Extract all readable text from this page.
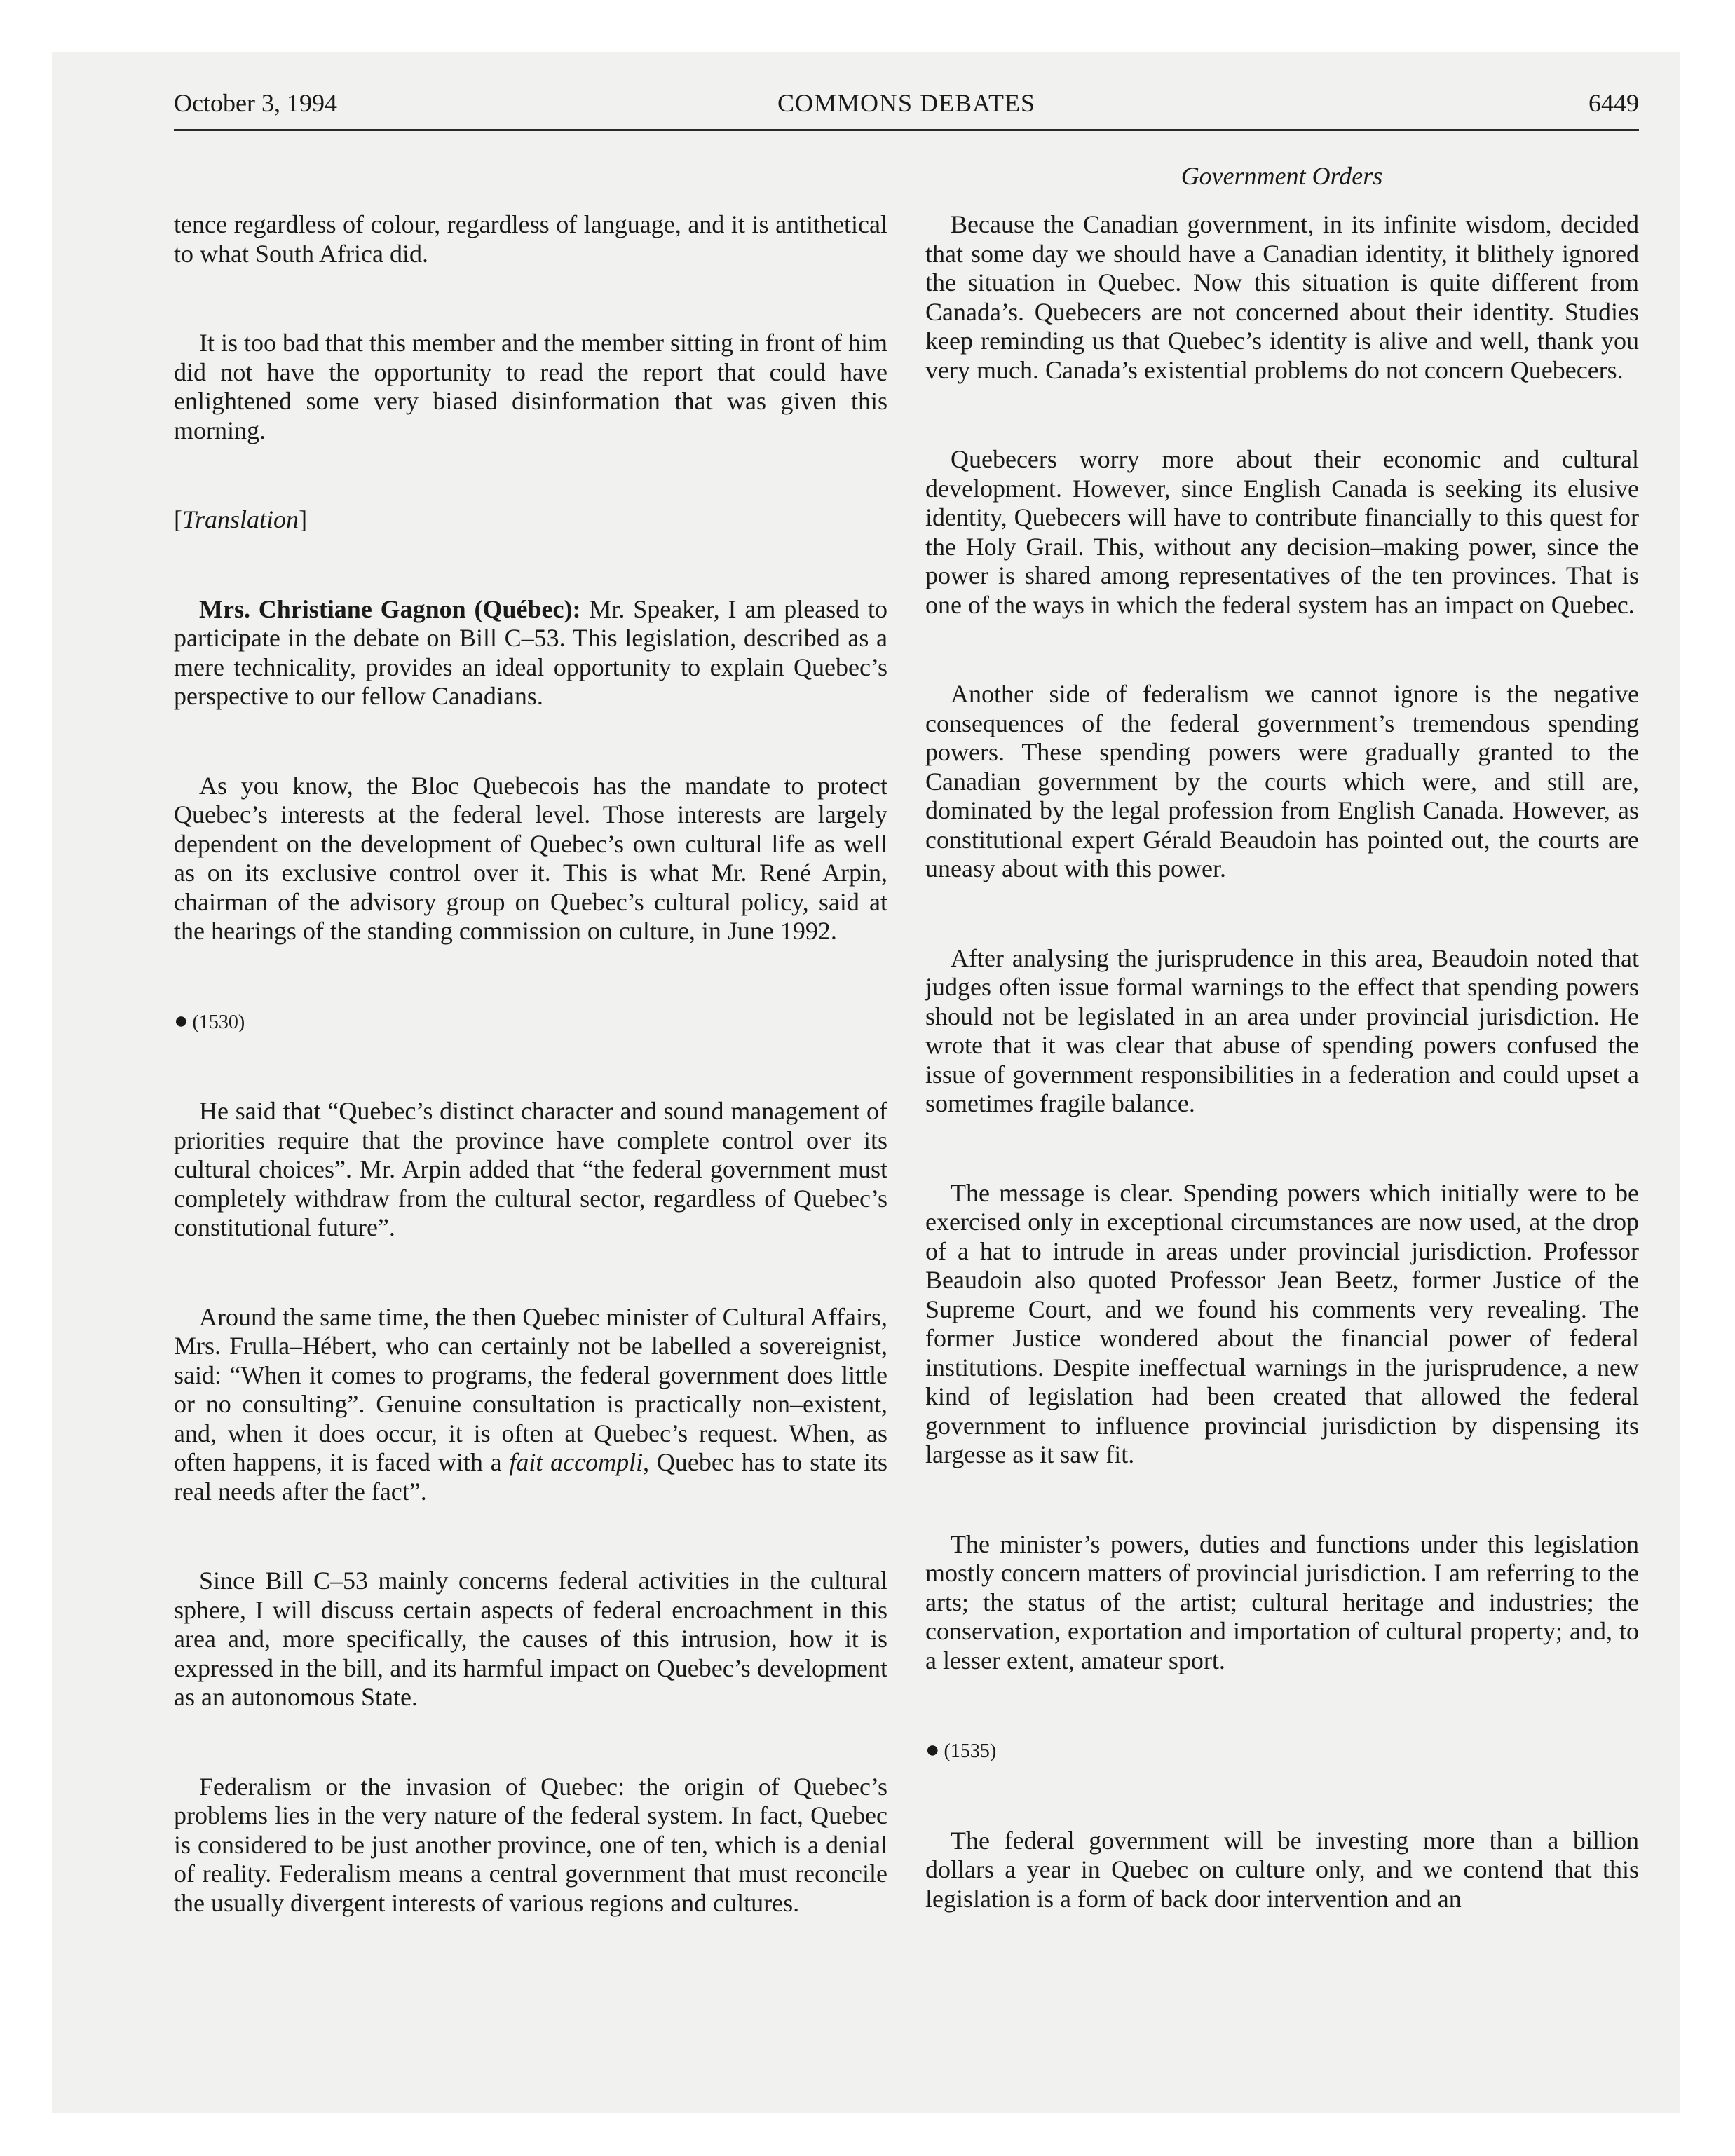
October 3, 1994	COMMONS DEBATES	6449
Government Orders

tence regardless of colour, regardless of language, and it is antithetical to what South Africa did.

It is too bad that this member and the member sitting in front of him did not have the opportunity to read the report that could have enlightened some very biased disinformation that was given this morning.

[Translation]

Mrs. Christiane Gagnon (Québec): Mr. Speaker, I am pleased to participate in the debate on Bill C–53. This legislation, described as a mere technicality, provides an ideal opportunity to explain Quebec’s perspective to our fellow Canadians.

As you know, the Bloc Quebecois has the mandate to protect Quebec’s interests at the federal level. Those interests are largely dependent on the development of Quebec’s own cultural life as well as on its exclusive control over it. This is what Mr. René Arpin, chairman of the advisory group on Quebec’s cultural policy, said at the hearings of the standing commission on culture, in June 1992.

● (1530)

He said that “Quebec’s distinct character and sound management of priorities require that the province have complete control over its cultural choices”. Mr. Arpin added that “the federal government must completely withdraw from the cultural sector, regardless of Quebec’s constitutional future”.

Around the same time, the then Quebec minister of Cultural Affairs, Mrs. Frulla–Hébert, who can certainly not be labelled a sovereignist, said: “When it comes to programs, the federal government does little or no consulting”. Genuine consultation is practically non–existent, and, when it does occur, it is often at Quebec’s request. When, as often happens, it is faced with a fait accompli, Quebec has to state its real needs after the fact”.

Since Bill C–53 mainly concerns federal activities in the cultural sphere, I will discuss certain aspects of federal encroachment in this area and, more specifically, the causes of this intrusion, how it is expressed in the bill, and its harmful impact on Quebec’s development as an autonomous State.

Federalism or the invasion of Quebec: the origin of Quebec’s problems lies in the very nature of the federal system. In fact, Quebec is considered to be just another province, one of ten, which is a denial of reality. Federalism means a central government that must reconcile the usually divergent interests of various regions and cultures.

Because the Canadian government, in its infinite wisdom, decided that some day we should have a Canadian identity, it blithely ignored the situation in Quebec. Now this situation is quite different from Canada’s. Quebecers are not concerned about their identity. Studies keep reminding us that Quebec’s identity is alive and well, thank you very much. Canada’s existential problems do not concern Quebecers.

Quebecers worry more about their economic and cultural development. However, since English Canada is seeking its elusive identity, Quebecers will have to contribute financially to this quest for the Holy Grail. This, without any decision–making power, since the power is shared among representatives of the ten provinces. That is one of the ways in which the federal system has an impact on Quebec.

Another side of federalism we cannot ignore is the negative consequences of the federal government’s tremendous spending powers. These spending powers were gradually granted to the Canadian government by the courts which were, and still are, dominated by the legal profession from English Canada. However, as constitutional expert Gérald Beaudoin has pointed out, the courts are uneasy about with this power.

After analysing the jurisprudence in this area, Beaudoin noted that judges often issue formal warnings to the effect that spending powers should not be legislated in an area under provincial jurisdiction. He wrote that it was clear that abuse of spending powers confused the issue of government responsibilities in a federation and could upset a sometimes fragile balance.

The message is clear. Spending powers which initially were to be exercised only in exceptional circumstances are now used, at the drop of a hat to intrude in areas under provincial jurisdiction. Professor Beaudoin also quoted Professor Jean Beetz, former Justice of the Supreme Court, and we found his comments very revealing. The former Justice wondered about the financial power of federal institutions. Despite ineffectual warnings in the jurisprudence, a new kind of legislation had been created that allowed the federal government to influence provincial jurisdiction by dispensing its largesse as it saw fit.

The minister’s powers, duties and functions under this legislation mostly concern matters of provincial jurisdiction. I am referring to the arts; the status of the artist; cultural heritage and industries; the conservation, exportation and importation of cultural property; and, to a lesser extent, amateur sport.

● (1535)

The federal government will be investing more than a billion dollars a year in Quebec on culture only, and we contend that this legislation is a form of back door intervention and an
